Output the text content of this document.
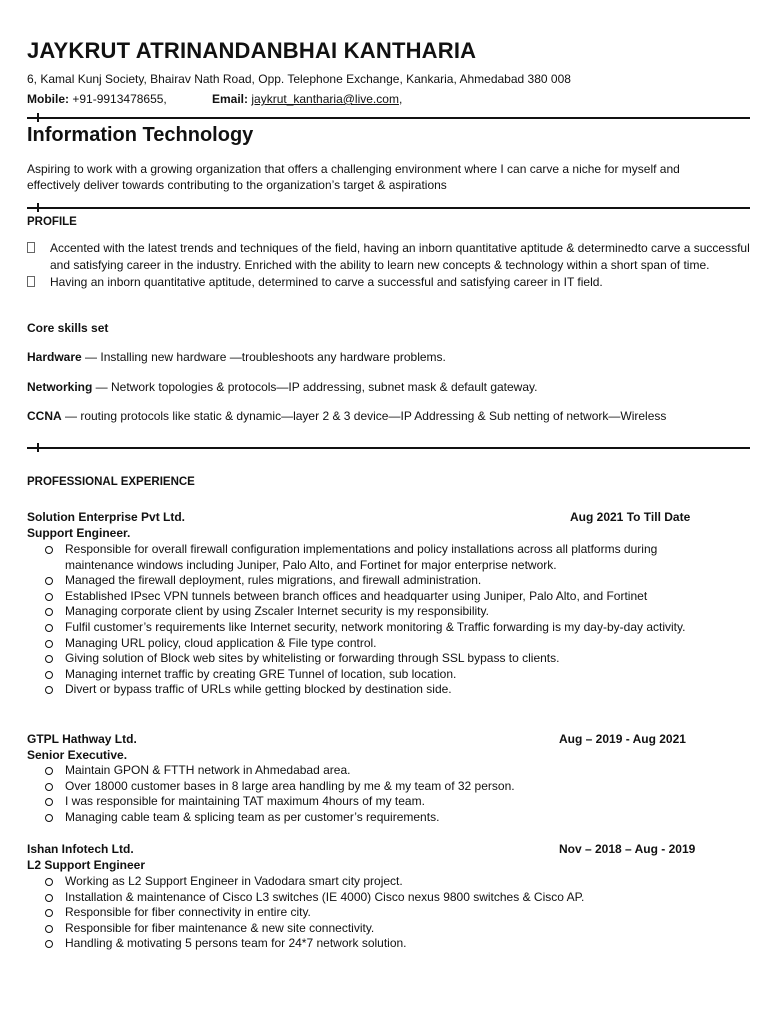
JAYKRUT ATRINANDANBHAI KANTHARIA
6, Kamal Kunj Society, Bhairav Nath Road, Opp. Telephone Exchange, Kankaria, Ahmedabad 380 008
Mobile: +91-9913478655,	Email: jaykrut_kantharia@live.com,
Information Technology
Aspiring to work with a growing organization that offers a challenging environment where I can carve a niche for myself and effectively deliver towards contributing to the organization’s target & aspirations
PROFILE
Accented with the latest trends and techniques of the field, having an inborn quantitative aptitude & determinedto carve a successful and satisfying career in the industry. Enriched with the ability to learn new concepts & technology within a short span of time.
Having an inborn quantitative aptitude, determined to carve a successful and satisfying career in IT field.
Core skills set
Hardware — Installing new hardware —troubleshoots any hardware problems.
Networking — Network topologies & protocols—IP addressing, subnet mask & default gateway.
CCNA — routing protocols like static & dynamic—layer 2 & 3 device—IP Addressing & Sub netting of network—Wireless
PROFESSIONAL EXPERIENCE
Solution Enterprise Pvt Ltd.	Aug 2021 To Till Date
Support Engineer.
Responsible for overall firewall configuration implementations and policy installations across all platforms during
maintenance windows including Juniper, Palo Alto, and Fortinet for major enterprise network.
Managed the firewall deployment, rules migrations, and firewall administration.
Established IPsec VPN tunnels between branch offices and headquarter using Juniper, Palo Alto, and Fortinet
Managing corporate client by using Zscaler Internet security is my responsibility.
Fulfil customer’s requirements like Internet security, network monitoring & Traffic forwarding is my day-by-day activity.
Managing URL policy, cloud application & File type control.
Giving solution of Block web sites by whitelisting or forwarding through SSL bypass to clients.
Managing internet traffic by creating GRE Tunnel of location, sub location.
Divert or bypass traffic of URLs while getting blocked by destination side.
GTPL Hathway Ltd.	Aug – 2019 - Aug 2021
Senior Executive.
Maintain GPON & FTTH network in Ahmedabad area.
Over 18000 customer bases in 8 large area handling by me & my team of 32 person.
I was responsible for maintaining TAT maximum 4hours of my team.
Managing cable team & splicing team as per customer’s requirements.
Ishan Infotech Ltd.	Nov – 2018 – Aug - 2019
L2 Support Engineer
Working as L2 Support Engineer in Vadodara smart city project.
Installation & maintenance of Cisco L3 switches (IE 4000) Cisco nexus 9800 switches & Cisco AP.
Responsible for fiber connectivity in entire city.
Responsible for fiber maintenance & new site connectivity.
Handling & motivating 5 persons team for 24*7 network solution.
